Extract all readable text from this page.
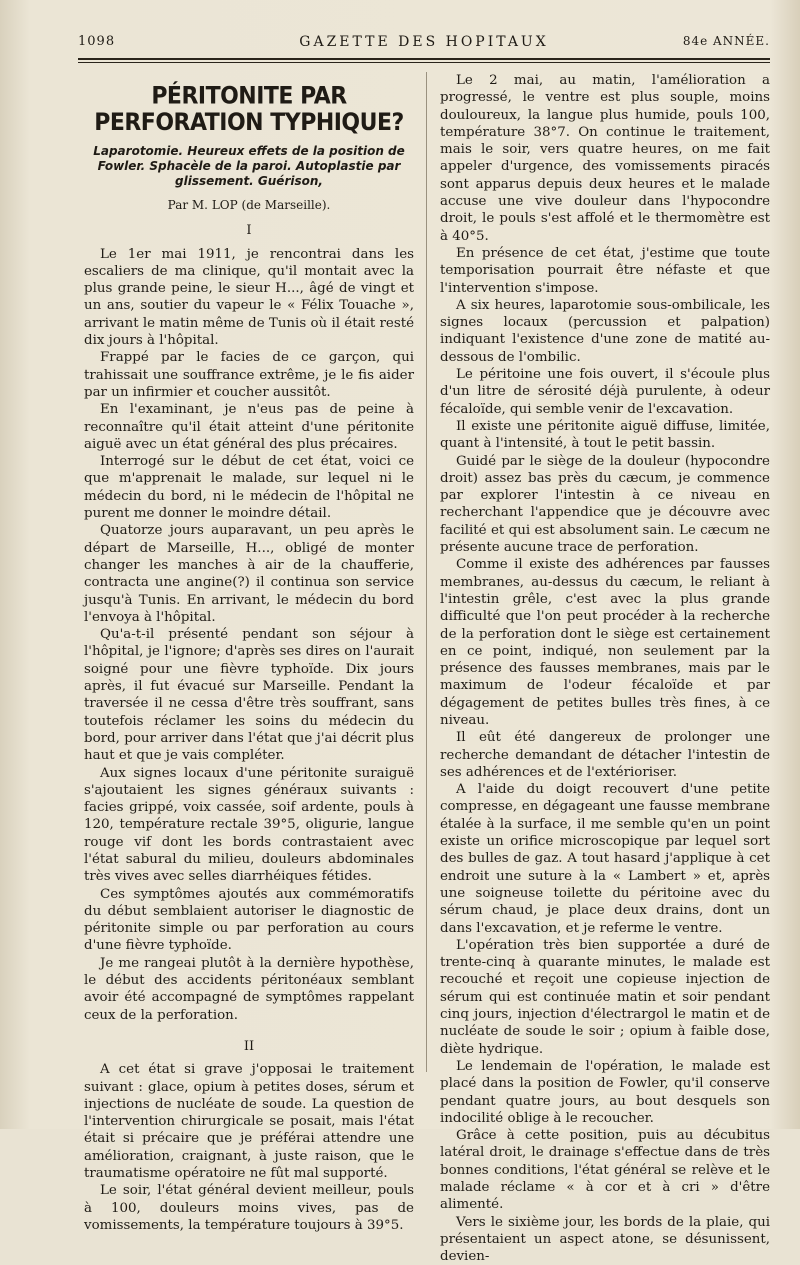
1098	GAZETTE DES HOPITAUX	84e ANNÉE.
PÉRITONITE PAR PERFORATION TYPHIQUE?
Laparotomie. Heureux effets de la position de Fowler. Sphacèle de la paroi. Autoplastie par glissement. Guérison,
Par M. LOP (de Marseille).
I

Le 1er mai 1911, je rencontrai dans les escaliers de ma clinique, qu'il montait avec la plus grande peine, le sieur H..., âgé de vingt et un ans, soutier du vapeur le « Félix Touache », arrivant le matin même de Tunis où il était resté dix jours à l'hôpital.

Frappé par le facies de ce garçon, qui trahissait une souffrance extrême, je le fis aider par un infirmier et coucher aussitôt.

En l'examinant, je n'eus pas de peine à reconnaître qu'il était atteint d'une péritonite aiguë avec un état général des plus précaires.

Interrogé sur le début de cet état, voici ce que m'apprenait le malade, sur lequel ni le médecin du bord, ni le médecin de l'hôpital ne purent me donner le moindre détail.

Quatorze jours auparavant, un peu après le départ de Marseille, H..., obligé de monter changer les manches à air de la chaufferie, contracta une angine(?) il continua son service jusqu'à Tunis. En arrivant, le médecin du bord l'envoya à l'hôpital.

Qu'a-t-il présenté pendant son séjour à l'hôpital, je l'ignore; d'après ses dires on l'aurait soigné pour une fièvre typhoïde. Dix jours après, il fut évacué sur Marseille. Pendant la traversée il ne cessa d'être très souffrant, sans toutefois réclamer les soins du médecin du bord, pour arriver dans l'état que j'ai décrit plus haut et que je vais compléter.

Aux signes locaux d'une péritonite suraiguë s'ajoutaient les signes généraux suivants : facies grippé, voix cassée, soif ardente, pouls à 120, température rectale 39°5, oligurie, langue rouge vif dont les bords contrastaient avec l'état sabural du milieu, douleurs abdominales très vives avec selles diarrhéiques fétides.

Ces symptômes ajoutés aux commémoratifs du début semblaient autoriser le diagnostic de péritonite simple ou par perforation au cours d'une fièvre typhoïde.

Je me rangeai plutôt à la dernière hypothèse, le début des accidents péritonéaux semblant avoir été accompagné de symptômes rappelant ceux de la perforation.

II

A cet état si grave j'opposai le traitement suivant : glace, opium à petites doses, sérum et injections de nucléate de soude. La question de l'intervention chirurgicale se posait, mais l'état était si précaire que je préférai attendre une amélioration, craignant, à juste raison, que le traumatisme opératoire ne fût mal supporté.

Le soir, l'état général devient meilleur, pouls à 100, douleurs moins vives, pas de vomissements, la température toujours à 39°5.

Le 2 mai, au matin, l'amélioration a progressé, le ventre est plus souple, moins douloureux, la langue plus humide, pouls 100, température 38°7. On continue le traitement, mais le soir, vers quatre heures, on me fait appeler d'urgence, des vomissements piracés sont apparus depuis deux heures et le malade accuse une vive douleur dans l'hypocondre droit, le pouls s'est affolé et le thermomètre est à 40°5.

En présence de cet état, j'estime que toute temporisation pourrait être néfaste et que l'intervention s'impose.

A six heures, laparotomie sous-ombilicale, les signes locaux (percussion et palpation) indiquant l'existence d'une zone de matité au-dessous de l'ombilic.

Le péritoine une fois ouvert, il s'écoule plus d'un litre de sérosité déjà purulente, à odeur fécaloïde, qui semble venir de l'excavation.

Il existe une péritonite aiguë diffuse, limitée, quant à l'intensité, à tout le petit bassin.

Guidé par le siège de la douleur (hypocondre droit) assez bas près du cæcum, je commence par explorer l'intestin à ce niveau en recherchant l'appendice que je découvre avec facilité et qui est absolument sain. Le cæcum ne présente aucune trace de perforation.

Comme il existe des adhérences par fausses membranes, au-dessus du cæcum, le reliant à l'intestin grêle, c'est avec la plus grande difficulté que l'on peut procéder à la recherche de la perforation dont le siège est certainement en ce point, indiqué, non seulement par la présence des fausses membranes, mais par le maximum de l'odeur fécaloïde et par dégagement de petites bulles très fines, à ce niveau.

Il eût été dangereux de prolonger une recherche demandant de détacher l'intestin de ses adhérences et de l'extérioriser.

A l'aide du doigt recouvert d'une petite compresse, en dégageant une fausse membrane étalée à la surface, il me semble qu'en un point existe un orifice microscopique par lequel sort des bulles de gaz. A tout hasard j'applique à cet endroit une suture à la « Lambert » et, après une soigneuse toilette du péritoine avec du sérum chaud, je place deux drains, dont un dans l'excavation, et je referme le ventre.

L'opération très bien supportée a duré de trente-cinq à quarante minutes, le malade est recouché et reçoit une copieuse injection de sérum qui est continuée matin et soir pendant cinq jours, injection d'électrargol le matin et de nucléate de soude le soir ; opium à faible dose, diète hydrique.

Le lendemain de l'opération, le malade est placé dans la position de Fowler, qu'il conserve pendant quatre jours, au bout desquels son indocilité oblige à le recoucher.

Grâce à cette position, puis au décubitus latéral droit, le drainage s'effectue dans de très bonnes conditions, l'état général se relève et le malade réclame « à cor et à cri » d'être alimenté.

Vers le sixième jour, les bords de la plaie, qui présentaient un aspect atone, se désunissent, devien-
